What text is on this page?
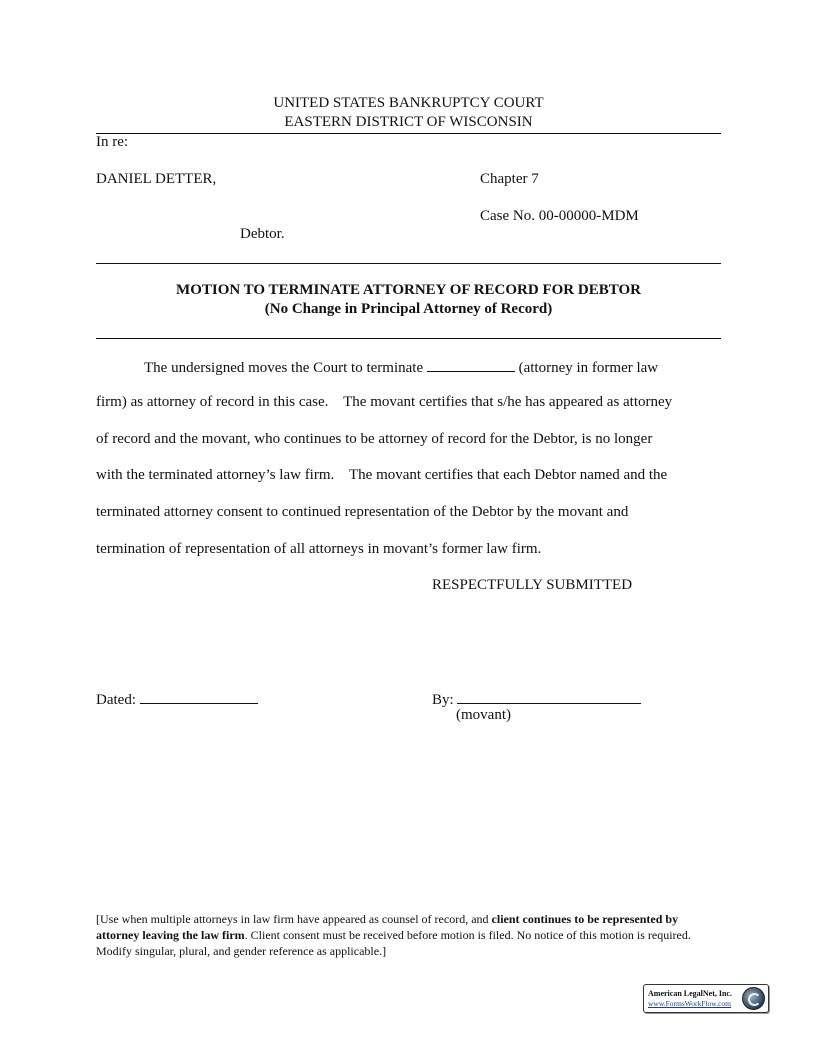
UNITED STATES BANKRUPTCY COURT
EASTERN DISTRICT OF WISCONSIN
In re:
DANIEL DETTER,	Chapter 7
Case No. 00-00000-MDM
Debtor.
MOTION TO TERMINATE ATTORNEY OF RECORD FOR DEBTOR
(No Change in Principal Attorney of Record)
The undersigned moves the Court to terminate	(attorney in former law
firm) as attorney of record in this case.    The movant certifies that s/he has appeared as attorney
of record and the movant, who continues to be attorney of record for the Debtor, is no longer
with the terminated attorney’s law firm.    The movant certifies that each Debtor named and the
terminated attorney consent to continued representation of the Debtor by the movant and
termination of representation of all attorneys in movant’s former law firm.
RESPECTFULLY SUBMITTED
Dated:	By:
(movant)
[Use when multiple attorneys in law firm have appeared as counsel of record, and client continues to be represented by attorney leaving the law firm. Client consent must be received before motion is filed. No notice of this motion is required. Modify singular, plural, and gender reference as applicable.]
American LegalNet, Inc.
www.FormsWorkFlow.com
